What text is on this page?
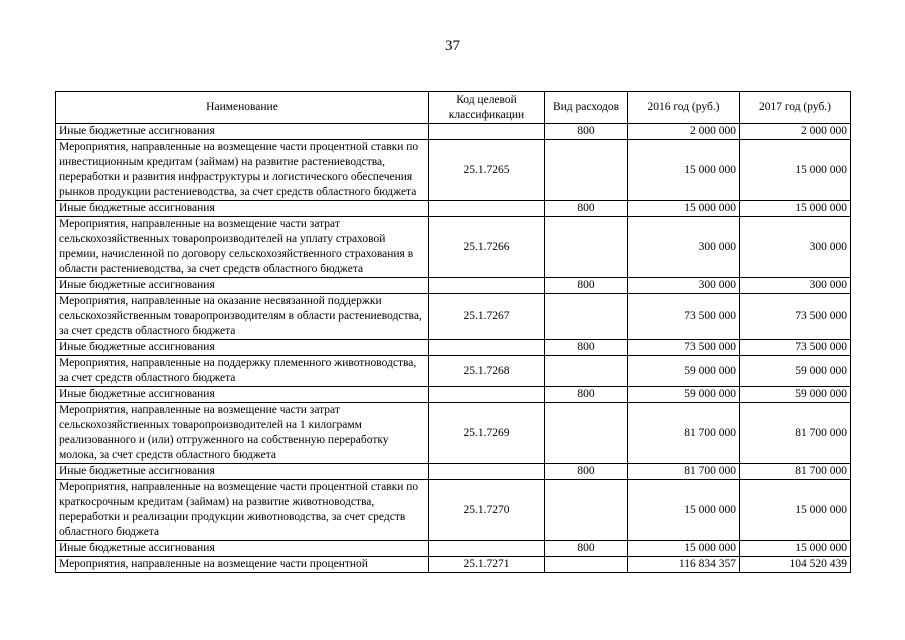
37
Наименование	Код целевой классификации	Вид расходов	2016 год (руб.)	2017 год (руб.)
Иные бюджетные ассигнования		800	2 000 000	2 000 000
Мероприятия, направленные на возмещение части процентной ставки по инвестиционным кредитам (займам) на развитие растениеводства, переработки и развития инфраструктуры и логистического обеспечения рынков продукции растениеводства, за счет средств областного бюджета	25.1.7265		15 000 000	15 000 000
Иные бюджетные ассигнования		800	15 000 000	15 000 000
Мероприятия, направленные на возмещение части затрат сельскохозяйственных товаропроизводителей на уплату страховой премии, начисленной по договору сельскохозяйственного страхования в области растениеводства, за счет средств областного бюджета	25.1.7266		300 000	300 000
Иные бюджетные ассигнования		800	300 000	300 000
Мероприятия, направленные на оказание несвязанной поддержки сельскохозяйственным товаропроизводителям в области растениеводства, за счет средств областного бюджета	25.1.7267		73 500 000	73 500 000
Иные бюджетные ассигнования		800	73 500 000	73 500 000
Мероприятия, направленные на поддержку племенного животноводства, за счет средств областного бюджета	25.1.7268		59 000 000	59 000 000
Иные бюджетные ассигнования		800	59 000 000	59 000 000
Мероприятия, направленные на возмещение части затрат сельскохозяйственных товаропроизводителей на 1 килограмм реализованного и (или) отгруженного на собственную переработку молока, за счет средств областного бюджета	25.1.7269		81 700 000	81 700 000
Иные бюджетные ассигнования		800	81 700 000	81 700 000
Мероприятия, направленные на возмещение части процентной ставки по краткосрочным кредитам (займам) на развитие животноводства, переработки и реализации продукции животноводства, за счет средств областного бюджета	25.1.7270		15 000 000	15 000 000
Иные бюджетные ассигнования		800	15 000 000	15 000 000
Мероприятия, направленные на возмещение части процентной	25.1.7271		116 834 357	104 520 439
